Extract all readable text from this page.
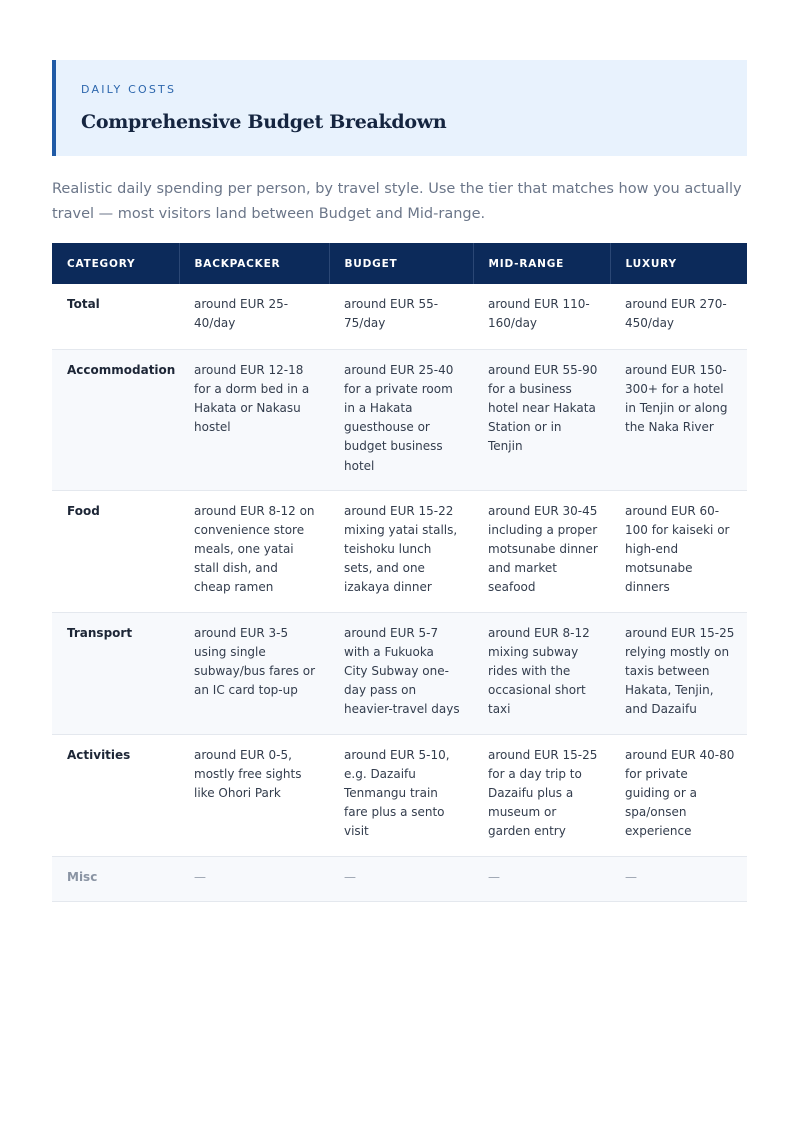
DAILY COSTS

Comprehensive Budget Breakdown

Realistic daily spending per person, by travel style. Use the tier that matches how you actually travel — most visitors land between Budget and Mid-range.

CATEGORY	BACKPACKER	BUDGET	MID-RANGE	LUXURY
Total	around EUR 25-40/day	around EUR 55-75/day	around EUR 110-160/day	around EUR 270-450/day
Accommodation	around EUR 12-18 for a dorm bed in a Hakata or Nakasu hostel	around EUR 25-40 for a private room in a Hakata guesthouse or budget business hotel	around EUR 55-90 for a business hotel near Hakata Station or in Tenjin	around EUR 150-300+ for a hotel in Tenjin or along the Naka River
Food	around EUR 8-12 on convenience store meals, one yatai stall dish, and cheap ramen	around EUR 15-22 mixing yatai stalls, teishoku lunch sets, and one izakaya dinner	around EUR 30-45 including a proper motsunabe dinner and market seafood	around EUR 60-100 for kaiseki or high-end motsunabe dinners
Transport	around EUR 3-5 using single subway/bus fares or an IC card top-up	around EUR 5-7 with a Fukuoka City Subway one-day pass on heavier-travel days	around EUR 8-12 mixing subway rides with the occasional short taxi	around EUR 15-25 relying mostly on taxis between Hakata, Tenjin, and Dazaifu
Activities	around EUR 0-5, mostly free sights like Ohori Park	around EUR 5-10, e.g. Dazaifu Tenmangu train fare plus a sento visit	around EUR 15-25 for a day trip to Dazaifu plus a museum or garden entry	around EUR 40-80 for private guiding or a spa/onsen experience
Misc	—	—	—	—
